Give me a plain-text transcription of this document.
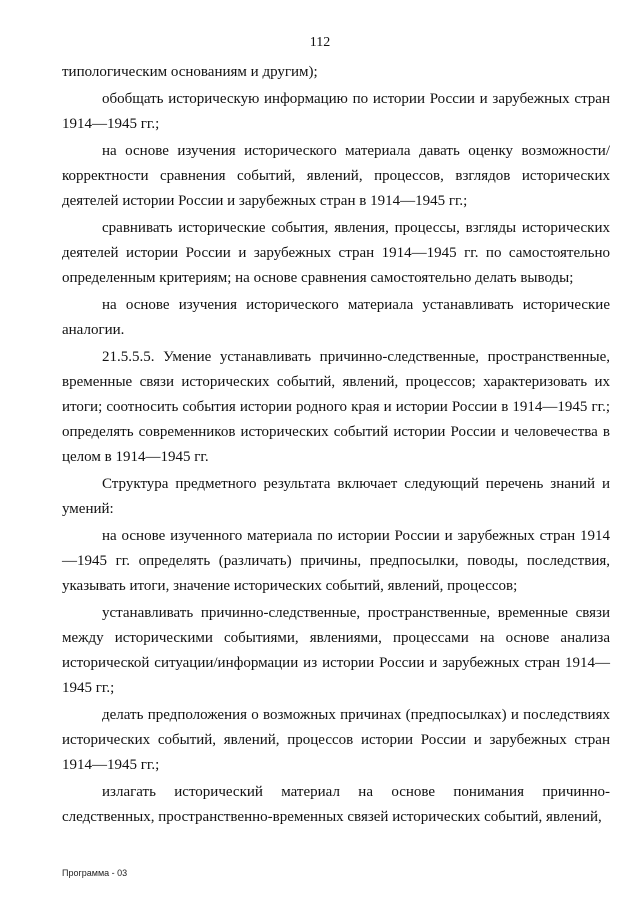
112

типологическим основаниям и другим);

обобщать историческую информацию по истории России и зарубежных стран 1914—1945 гг.;

на основе изучения исторического материала давать оценку возможности/корректности сравнения событий, явлений, процессов, взглядов исторических деятелей истории России и зарубежных стран в 1914—1945 гг.;

сравнивать исторические события, явления, процессы, взгляды исторических деятелей истории России и зарубежных стран 1914—1945 гг. по самостоятельно определенным критериям; на основе сравнения самостоятельно делать выводы;

на основе изучения исторического материала устанавливать исторические аналогии.

21.5.5.5. Умение устанавливать причинно-следственные, пространственные, временные связи исторических событий, явлений, процессов; характеризовать их итоги; соотносить события истории родного края и истории России в 1914—1945 гг.; определять современников исторических событий истории России и человечества в целом в 1914—1945 гг.

Структура предметного результата включает следующий перечень знаний и умений:

на основе изученного материала по истории России и зарубежных стран 1914—1945 гг. определять (различать) причины, предпосылки, поводы, последствия, указывать итоги, значение исторических событий, явлений, процессов;

устанавливать причинно-следственные, пространственные, временные связи между историческими событиями, явлениями, процессами на основе анализа исторической ситуации/информации из истории России и зарубежных стран 1914—1945 гг.;

делать предположения о возможных причинах (предпосылках) и последствиях исторических событий, явлений, процессов истории России и зарубежных стран 1914—1945 гг.;

излагать исторический материал на основе понимания причинно-следственных, пространственно-временных связей исторических событий, явлений,

Программа - 03
